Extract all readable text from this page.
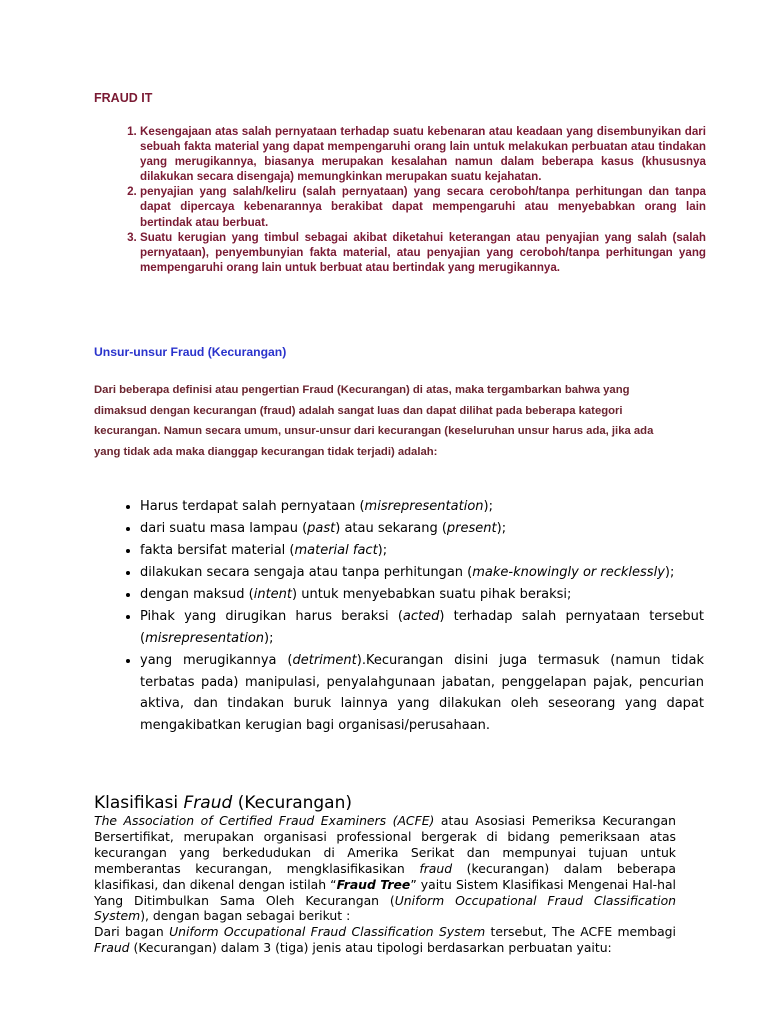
FRAUD IT
1. Kesengajaan atas salah pernyataan terhadap suatu kebenaran atau keadaan yang disembunyikan dari sebuah fakta material yang dapat mempengaruhi orang lain untuk melakukan perbuatan atau tindakan yang merugikannya, biasanya merupakan kesalahan namun dalam beberapa kasus (khususnya dilakukan secara disengaja) memungkinkan merupakan suatu kejahatan.
2. penyajian yang salah/keliru (salah pernyataan) yang secara ceroboh/tanpa perhitungan dan tanpa dapat dipercaya kebenarannya berakibat dapat mempengaruhi atau menyebabkan orang lain bertindak atau berbuat.
3. Suatu kerugian yang timbul sebagai akibat diketahui keterangan atau penyajian yang salah (salah pernyataan), penyembunyian fakta material, atau penyajian yang ceroboh/tanpa perhitungan yang mempengaruhi orang lain untuk berbuat atau bertindak yang merugikannya.
Unsur-unsur Fraud (Kecurangan)

Dari beberapa definisi atau pengertian Fraud (Kecurangan) di atas, maka tergambarkan bahwa yang dimaksud dengan kecurangan (fraud) adalah sangat luas dan dapat dilihat pada beberapa kategori kecurangan. Namun secara umum, unsur-unsur dari kecurangan (keseluruhan unsur harus ada, jika ada yang tidak ada maka dianggap kecurangan tidak terjadi) adalah:

• Harus terdapat salah pernyataan (misrepresentation);
• dari suatu masa lampau (past) atau sekarang (present);
• fakta bersifat material (material fact);
• dilakukan secara sengaja atau tanpa perhitungan (make-knowingly or recklessly);
• dengan maksud (intent) untuk menyebabkan suatu pihak beraksi;
• Pihak yang dirugikan harus beraksi (acted) terhadap salah pernyataan tersebut (misrepresentation);
• yang merugikannya (detriment).Kecurangan disini juga termasuk (namun tidak terbatas pada) manipulasi, penyalahgunaan jabatan, penggelapan pajak, pencurian aktiva, dan tindakan buruk lainnya yang dilakukan oleh seseorang yang dapat mengakibatkan kerugian bagi organisasi/perusahaan.
Klasifikasi Fraud (Kecurangan)

The Association of Certified Fraud Examiners (ACFE) atau Asosiasi Pemeriksa Kecurangan Bersertifikat, merupakan organisasi professional bergerak di bidang pemeriksaan atas kecurangan yang berkedudukan di Amerika Serikat dan mempunyai tujuan untuk memberantas kecurangan, mengklasifikasikan fraud (kecurangan) dalam beberapa klasifikasi, dan dikenal dengan istilah “Fraud Tree” yaitu Sistem Klasifikasi Mengenai Hal-hal Yang Ditimbulkan Sama Oleh Kecurangan (Uniform Occupational Fraud Classification System), dengan bagan sebagai berikut :

Dari bagan Uniform Occupational Fraud Classification System tersebut, The ACFE membagi Fraud (Kecurangan) dalam 3 (tiga) jenis atau tipologi berdasarkan perbuatan yaitu:
